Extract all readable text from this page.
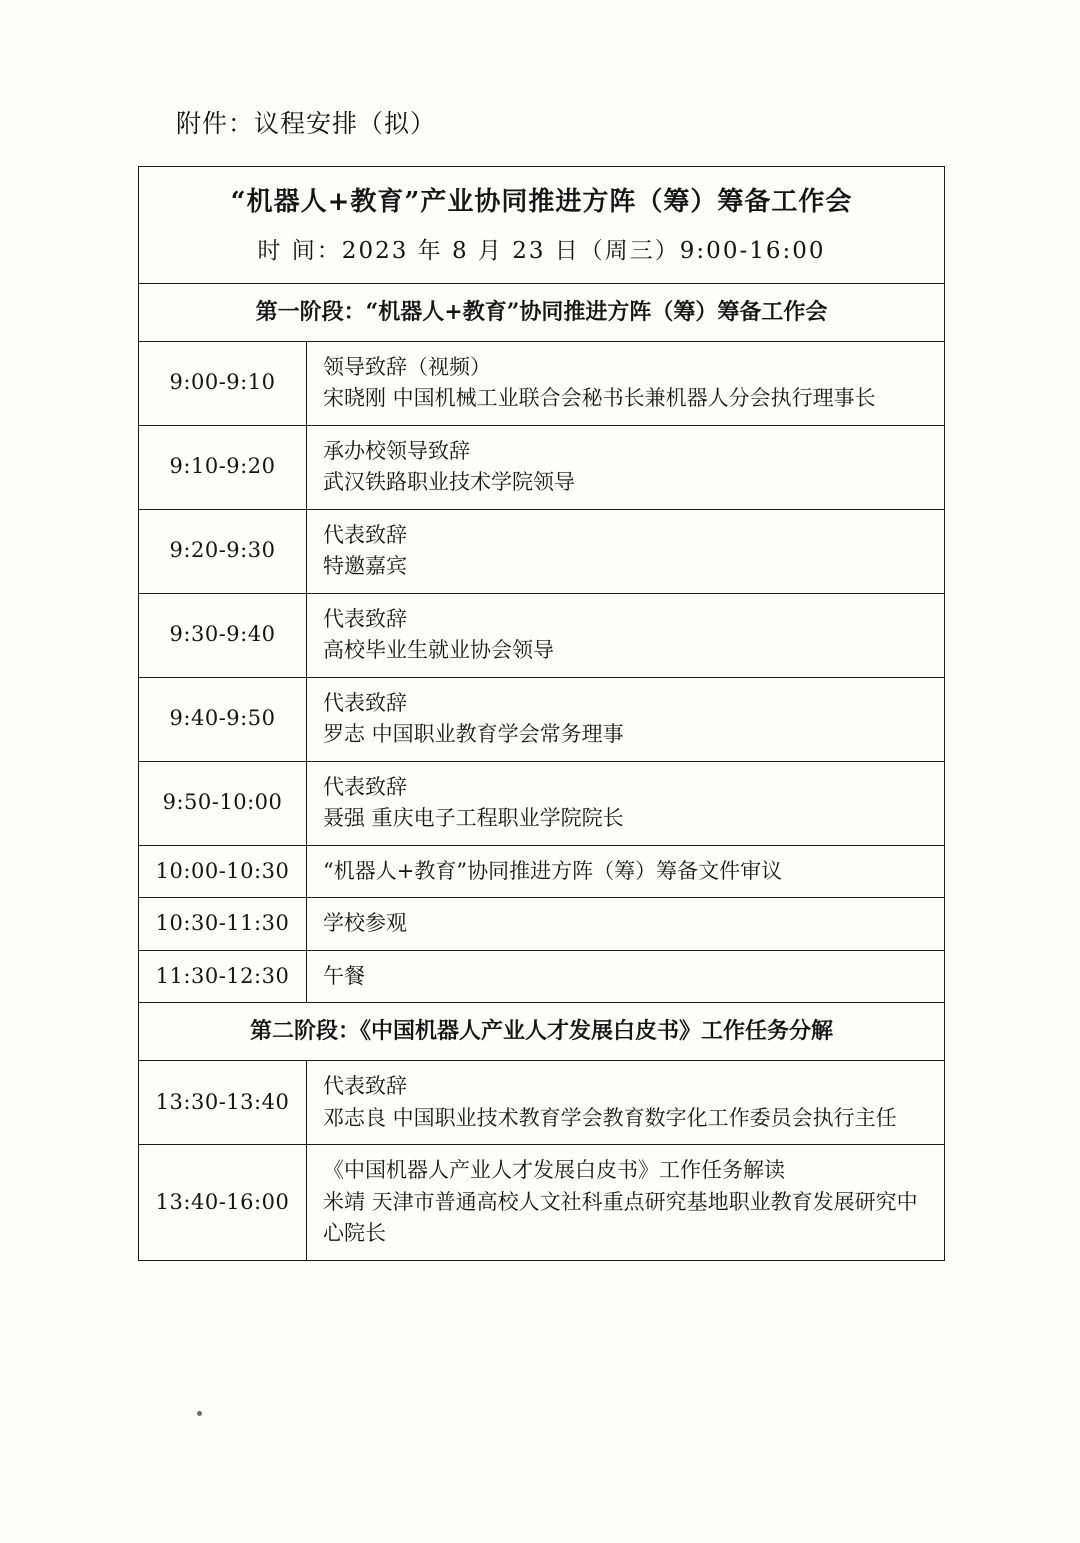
附件：议程安排（拟）
“机器人+教育”产业协同推进方阵（筹）筹备工作会	
时 间：2023 年 8 月 23 日（周三）9:00-16:00	
第一阶段：“机器人+教育”协同推进方阵（筹）筹备工作会	
9:00-9:10	领导致辞（视频）
宋晓刚 中国机械工业联合会秘书长兼机器人分会执行理事长

9:10-9:20	承办校领导致辞
武汉铁路职业技术学院领导

9:20-9:30	代表致辞
特邀嘉宾

9:30-9:40	代表致辞
高校毕业生就业协会领导

9:40-9:50	代表致辞
罗志 中国职业教育学会常务理事

9:50-10:00	代表致辞
聂强 重庆电子工程职业学院院长

10:00-10:30	“机器人+教育”协同推进方阵（筹）筹备文件审议

10:30-11:30	学校参观

11:30-12:30	午餐

第二阶段：《中国机器人产业人才发展白皮书》工作任务分解	
13:30-13:40	代表致辞
邓志良 中国职业技术教育学会教育数字化工作委员会执行主任

13:40-16:00	《中国机器人产业人才发展白皮书》工作任务解读
米靖 天津市普通高校人文社科重点研究基地职业教育发展研究中心院长
